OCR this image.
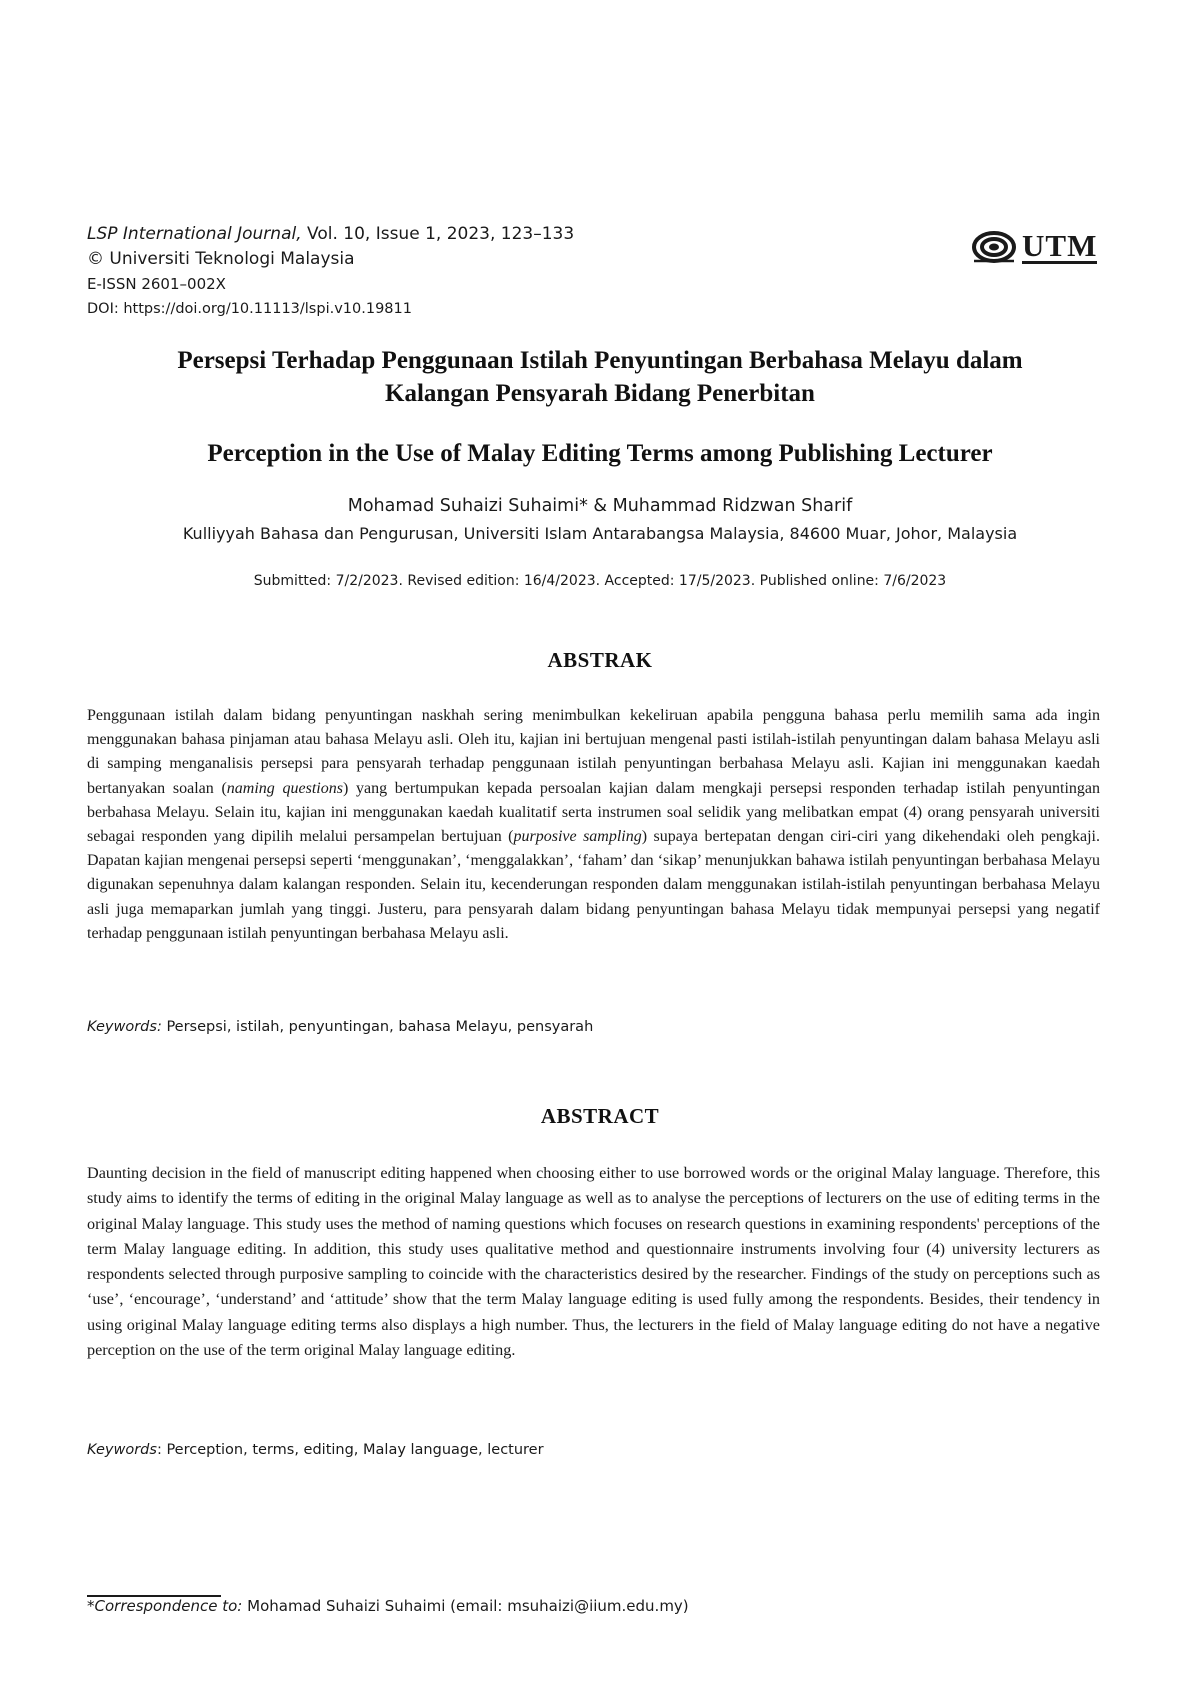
LSP International Journal, Vol. 10, Issue 1, 2023, 123–133
© Universiti Teknologi Malaysia
E-ISSN 2601–002X
DOI: https://doi.org/10.11113/lspi.v10.19811
UTM
Persepsi Terhadap Penggunaan Istilah Penyuntingan Berbahasa Melayu dalam
Kalangan Pensyarah Bidang Penerbitan
Perception in the Use of Malay Editing Terms among Publishing Lecturer
Mohamad Suhaizi Suhaimi* & Muhammad Ridzwan Sharif
Kulliyyah Bahasa dan Pengurusan, Universiti Islam Antarabangsa Malaysia, 84600 Muar, Johor, Malaysia
Submitted: 7/2/2023. Revised edition: 16/4/2023. Accepted: 17/5/2023. Published online: 7/6/2023
ABSTRAK
Penggunaan istilah dalam bidang penyuntingan naskhah sering menimbulkan kekeliruan apabila pengguna bahasa perlu memilih sama ada ingin menggunakan bahasa pinjaman atau bahasa Melayu asli. Oleh itu, kajian ini bertujuan mengenal pasti istilah-istilah penyuntingan dalam bahasa Melayu asli di samping menganalisis persepsi para pensyarah terhadap penggunaan istilah penyuntingan berbahasa Melayu asli. Kajian ini menggunakan kaedah bertanyakan soalan (naming questions) yang bertumpukan kepada persoalan kajian dalam mengkaji persepsi responden terhadap istilah penyuntingan berbahasa Melayu. Selain itu, kajian ini menggunakan kaedah kualitatif serta instrumen soal selidik yang melibatkan empat (4) orang pensyarah universiti sebagai responden yang dipilih melalui persampelan bertujuan (purposive sampling) supaya bertepatan dengan ciri-ciri yang dikehendaki oleh pengkaji. Dapatan kajian mengenai persepsi seperti ‘menggunakan’, ‘menggalakkan’, ‘faham’ dan ‘sikap’ menunjukkan bahawa istilah penyuntingan berbahasa Melayu digunakan sepenuhnya dalam kalangan responden. Selain itu, kecenderungan responden dalam menggunakan istilah-istilah penyuntingan berbahasa Melayu asli juga memaparkan jumlah yang tinggi. Justeru, para pensyarah dalam bidang penyuntingan bahasa Melayu tidak mempunyai persepsi yang negatif terhadap penggunaan istilah penyuntingan berbahasa Melayu asli.
Keywords: Persepsi, istilah, penyuntingan, bahasa Melayu, pensyarah
ABSTRACT
Daunting decision in the field of manuscript editing happened when choosing either to use borrowed words or the original Malay language. Therefore, this study aims to identify the terms of editing in the original Malay language as well as to analyse the perceptions of lecturers on the use of editing terms in the original Malay language. This study uses the method of naming questions which focuses on research questions in examining respondents' perceptions of the term Malay language editing. In addition, this study uses qualitative method and questionnaire instruments involving four (4) university lecturers as respondents selected through purposive sampling to coincide with the characteristics desired by the researcher. Findings of the study on perceptions such as ‘use’, ‘encourage’, ‘understand’ and ‘attitude’ show that the term Malay language editing is used fully among the respondents. Besides, their tendency in using original Malay language editing terms also displays a high number. Thus, the lecturers in the field of Malay language editing do not have a negative perception on the use of the term original Malay language editing.
Keywords: Perception, terms, editing, Malay language, lecturer
*Correspondence to: Mohamad Suhaizi Suhaimi (email: msuhaizi@iium.edu.my)
